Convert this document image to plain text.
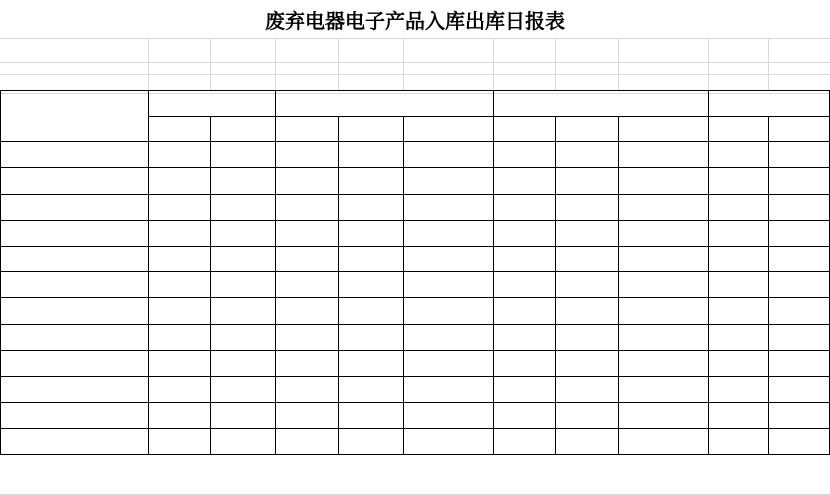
废弃电器电子产品入库出库日报表
